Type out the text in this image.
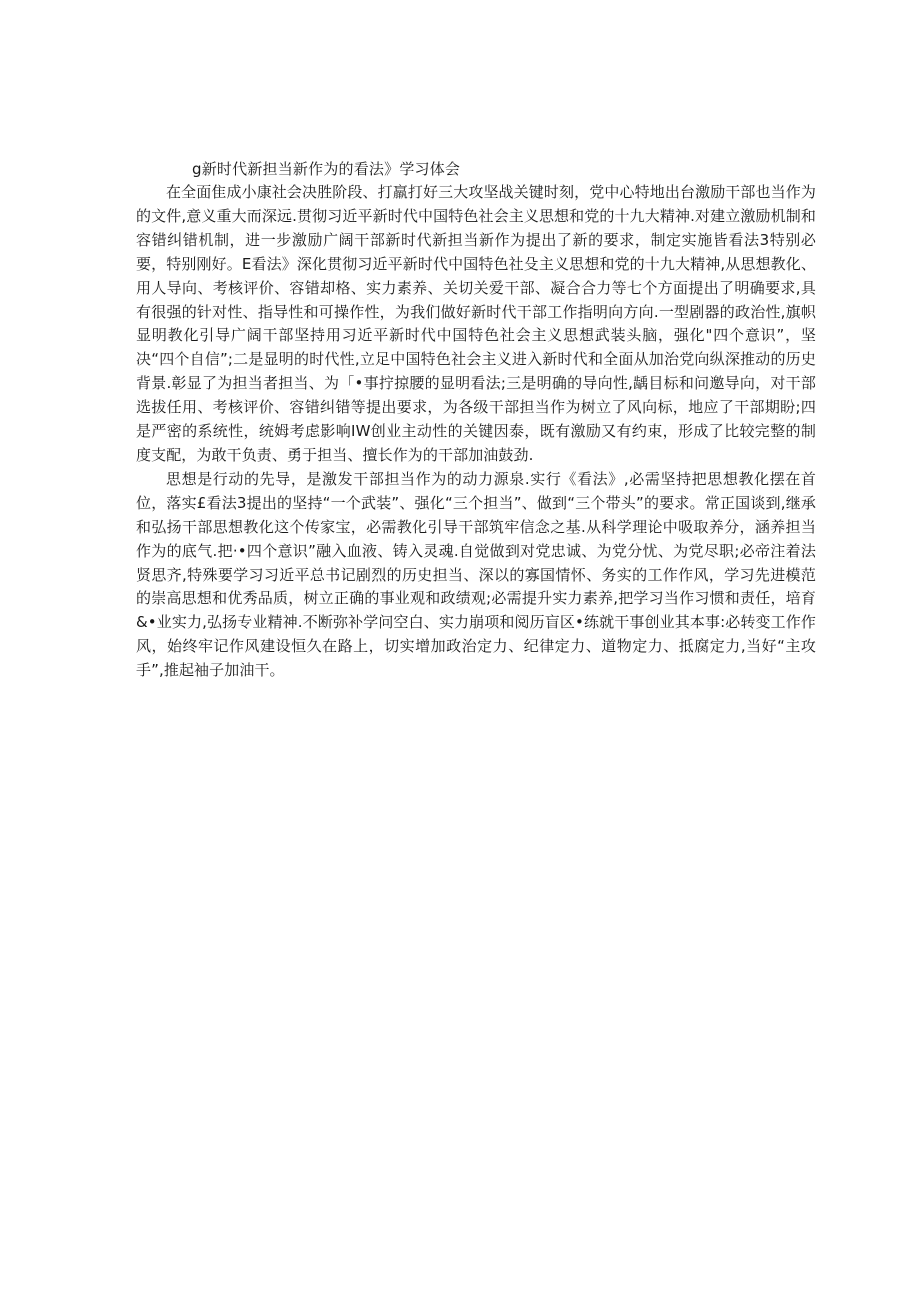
g新时代新担当新作为的看法》学习体会

在全面隹成小康社会决胜阶段、打羸打好三大攻坚战关键时刻，党中心特地出台激励干部也当作为的文件,意义重大而深远.贯彻习近平新时代中国特色社会主义思想和党的十九大精神.对建立激励机制和容错纠错机制，进一步激励广阔干部新时代新担当新作为提出了新的要求，制定实施皆看法3特别必要，特别刚好。E看法》深化贯彻习近平新时代中国特色社殳主义思想和党的十九大精神,从思想教化、用人导向、考核评价、容错却格、实力素养、关切关爱干部、凝合合力等七个方面提出了明确要求,具有很强的针对性、指导性和可操作性，为我们做好新时代干部工作指明向方向.一型剧器的政治性,旗帜显明教化引导广阔干部坚持用习近平新时代中国特色社会主义思想武装头脑，强化"四个意识”，坚决“四个自信”;二是显明的时代性,立足中国特色社会主义进入新时代和全面从加治党向纵深推动的历史背景.彰显了为担当者担当、为「•事拧掠腰的显明看法;三是明确的导向性,龋目标和问邀导向，对干部选拔任用、考核评价、容错纠错等提出要求，为各级干部担当作为树立了风向标，地应了干部期盼;四是严密的系统性，统姆考虑影响IW创业主动性的关键因泰，既有激励又有约束，形成了比较完整的制度支配，为敢干负责、勇于担当、擅长作为的干部加油鼓劲.

思想是行动的先导，是激发干部担当作为的动力源泉.实行《看法》,必需坚持把思想教化摆在首位，落实£看法3提出的坚持“一个武装”、强化“三个担当”、做到“三个带头”的要求。常正国谈到,继承和弘扬干部思想教化这个传家宝，必需教化引导干部筑牢信念之基.从科学理论中吸取养分，涵养担当作为的底气.把·•四个意识”融入血液、铸入灵魂.自觉做到对党忠诚、为党分忧、为党尽职;必帝注着法贤思齐,特殊要学习习近平总书记剧烈的历史担当、深以的寡国情怀、务实的工作作风，学习先进模范的崇高思想和优秀品质，树立正确的事业观和政绩观;必需提升实力素养,把学习当作习惯和责任，培育&•业实力,弘扬专业精神.不断弥补学问空白、实力崩项和阅历盲区•练就干事创业其本事:必转变工作作风，始终牢记作风建设恒久在路上，切实增加政治定力、纪律定力、道物定力、抵腐定力,当好“主攻手”,推起袖子加油干。
